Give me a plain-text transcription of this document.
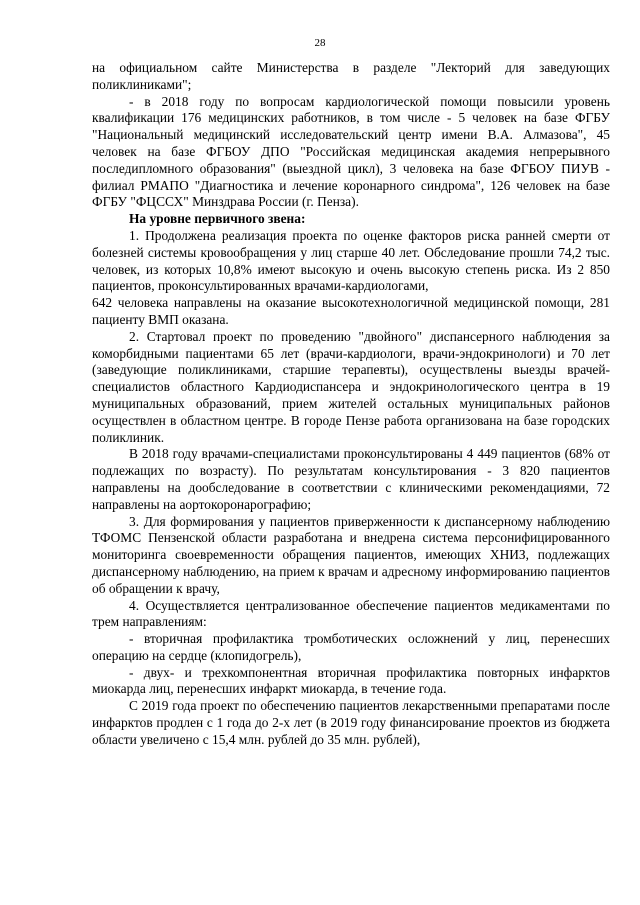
28

на официальном сайте Министерства в разделе "Лекторий для заведующих поликлиниками";

- в 2018 году по вопросам кардиологической помощи повысили уровень квалификации 176 медицинских работников, в том числе - 5 человек на базе ФГБУ "Национальный медицинский исследовательский центр имени В.А. Алмазова", 45 человек на базе ФГБОУ ДПО "Российская медицинская академия непрерывного последипломного образования" (выездной цикл), 3 человека на базе ФГБОУ ПИУВ - филиал РМАПО "Диагностика и лечение коронарного синдрома", 126 человек на базе ФГБУ "ФЦССХ" Минздрава России (г. Пенза).

На уровне первичного звена:

1. Продолжена реализация проекта по оценке факторов риска ранней смерти от болезней системы кровообращения у лиц старше 40 лет. Обследование прошли 74,2 тыс. человек, из которых 10,8% имеют высокую и очень высокую степень риска. Из 2 850 пациентов, проконсультированных врачами-кардиологами,

642 человека направлены на оказание высокотехнологичной медицинской помощи, 281 пациенту ВМП оказана.

2. Стартовал проект по проведению "двойного" диспансерного наблюдения за коморбидными пациентами 65 лет (врачи-кардиологи, врачи-эндокринологи) и 70 лет (заведующие поликлиниками, старшие терапевты), осуществлены выезды врачей-специалистов областного Кардиодиспансера и эндокринологического центра в 19 муниципальных образований, прием жителей остальных муниципальных районов осуществлен в областном центре. В городе Пензе работа организована на базе городских поликлиник.

В 2018 году врачами-специалистами проконсультированы 4 449 пациентов (68% от подлежащих по возрасту). По результатам консультирования - 3 820 пациентов направлены на дообследование в соответствии с клиническими рекомендациями, 72 направлены на аортокоронарографию;

3. Для формирования у пациентов приверженности к диспансерному наблюдению ТФОМС Пензенской области разработана и внедрена система персонифицированного мониторинга своевременности обращения пациентов, имеющих ХНИЗ, подлежащих диспансерному наблюдению, на прием к врачам и адресному информированию пациентов об обращении к врачу,

4. Осуществляется централизованное обеспечение пациентов медикаментами по трем направлениям:

- вторичная профилактика тромботических осложнений у лиц, перенесших операцию на сердце (клопидогрель),

- двух- и трехкомпонентная вторичная профилактика повторных инфарктов миокарда лиц, перенесших инфаркт миокарда, в течение года.

С 2019 года проект по обеспечению пациентов лекарственными препаратами после инфарктов продлен с 1 года до 2-х лет (в 2019 году финансирование проектов из бюджета области увеличено с 15,4 млн. рублей до 35 млн. рублей),
